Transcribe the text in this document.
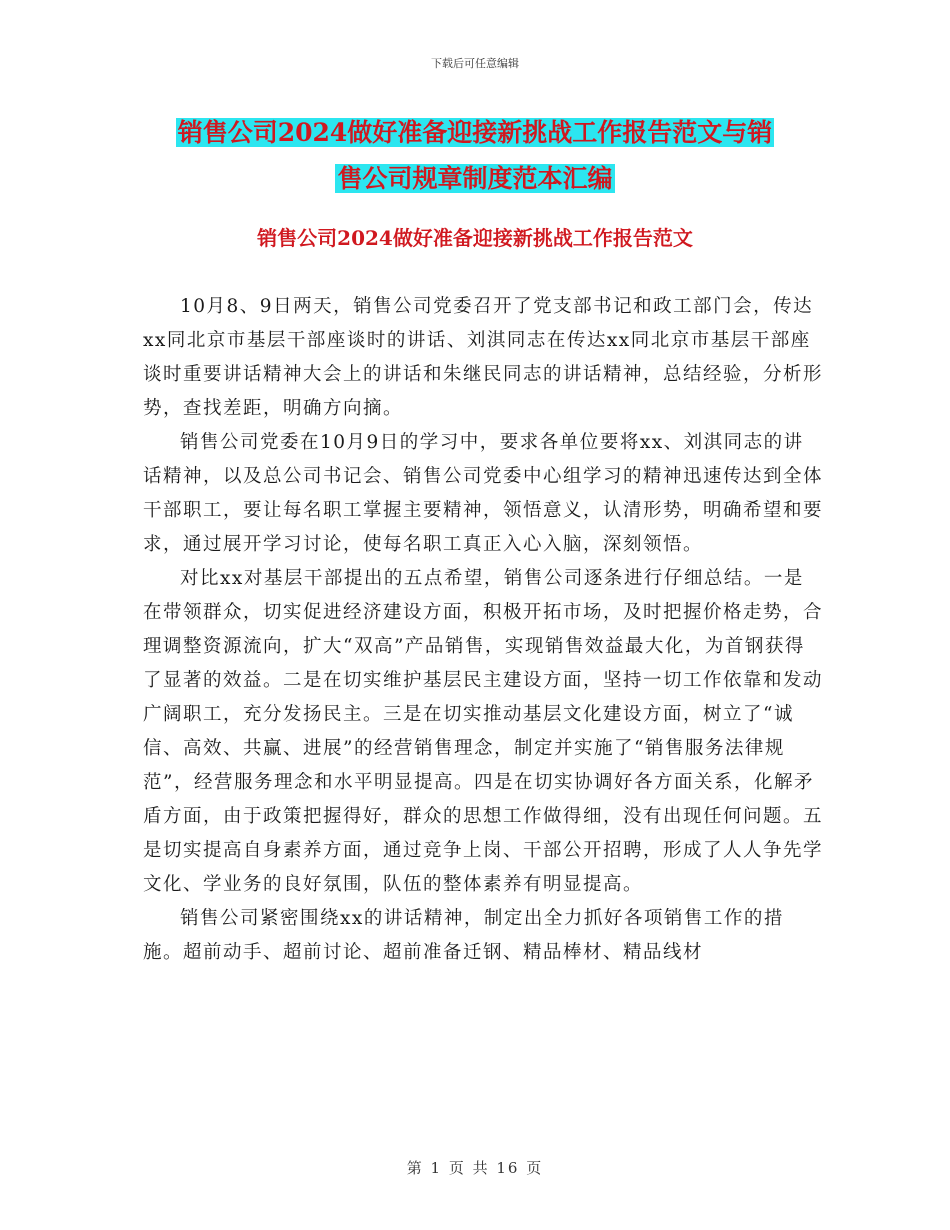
下载后可任意编辑
销售公司2024做好准备迎接新挑战工作报告范文与销
售公司规章制度范本汇编
销售公司2024做好准备迎接新挑战工作报告范文

10月8、9日两天，销售公司党委召开了党支部书记和政工部门会，传达xx同北京市基层干部座谈时的讲话、刘淇同志在传达xx同北京市基层干部座谈时重要讲话精神大会上的讲话和朱继民同志的讲话精神，总结经验，分析形势，查找差距，明确方向摘。

销售公司党委在10月9日的学习中，要求各单位要将xx、刘淇同志的讲话精神，以及总公司书记会、销售公司党委中心组学习的精神迅速传达到全体干部职工，要让每名职工掌握主要精神，领悟意义，认清形势，明确希望和要求，通过展开学习讨论，使每名职工真正入心入脑，深刻领悟。

对比xx对基层干部提出的五点希望，销售公司逐条进行仔细总结。一是在带领群众，切实促进经济建设方面，积极开拓市场，及时把握价格走势，合理调整资源流向，扩大“双高”产品销售，实现销售效益最大化，为首钢获得了显著的效益。二是在切实维护基层民主建设方面，坚持一切工作依靠和发动广阔职工，充分发扬民主。三是在切实推动基层文化建设方面，树立了“诚信、高效、共赢、进展”的经营销售理念，制定并实施了“销售服务法律规范”，经营服务理念和水平明显提高。四是在切实协调好各方面关系，化解矛盾方面，由于政策把握得好，群众的思想工作做得细，没有出现任何问题。五是切实提高自身素养方面，通过竞争上岗、干部公开招聘，形成了人人争先学文化、学业务的良好氛围，队伍的整体素养有明显提高。

销售公司紧密围绕xx的讲话精神，制定出全力抓好各项销售工作的措施。超前动手、超前讨论、超前准备迁钢、精品棒材、精品线材

第 1 页 共 16 页
